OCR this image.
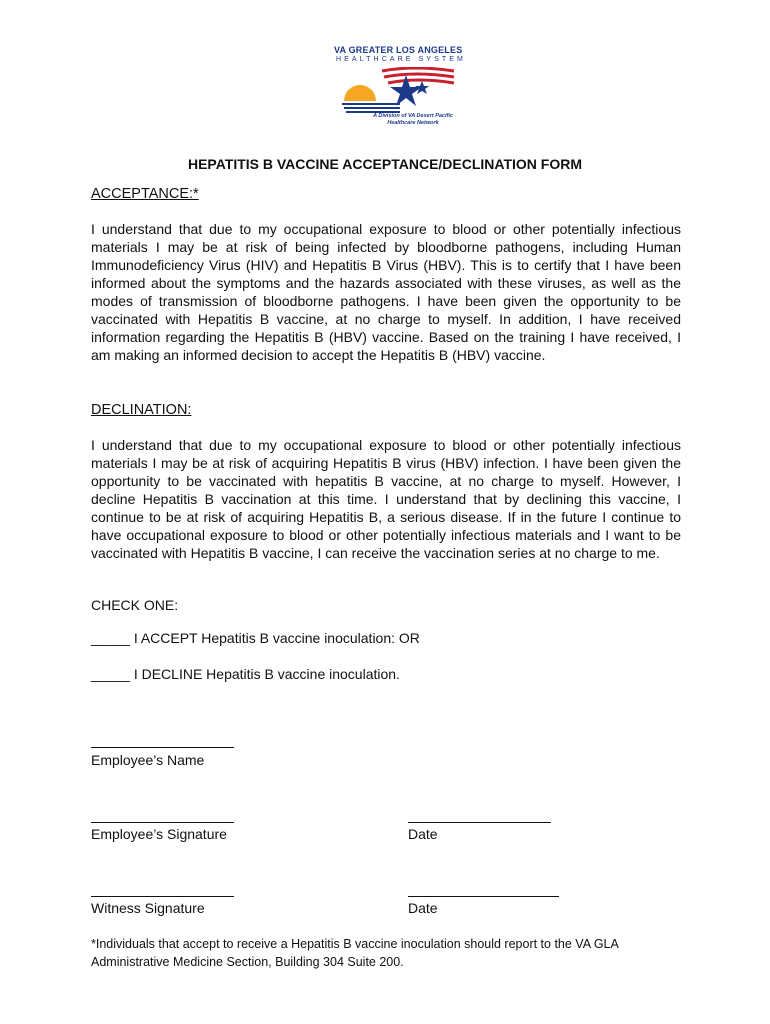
VA GREATER LOS ANGELES
HEALTHCARE SYSTEM
A Division of VA Desert Pacific Healthcare Network
HEPATITIS B VACCINE ACCEPTANCE/DECLINATION FORM
ACCEPTANCE:*

I understand that due to my occupational exposure to blood or other potentially infectious materials I may be at risk of being infected by bloodborne pathogens, including Human Immunodeficiency Virus (HIV) and Hepatitis B Virus (HBV). This is to certify that I have been informed about the symptoms and the hazards associated with these viruses, as well as the modes of transmission of bloodborne pathogens. I have been given the opportunity to be vaccinated with Hepatitis B vaccine, at no charge to myself. In addition, I have received information regarding the Hepatitis B (HBV) vaccine. Based on the training I have received, I am making an informed decision to accept the Hepatitis B (HBV) vaccine.

DECLINATION:

I understand that due to my occupational exposure to blood or other potentially infectious materials I may be at risk of acquiring Hepatitis B virus (HBV) infection. I have been given the opportunity to be vaccinated with hepatitis B vaccine, at no charge to myself. However, I decline Hepatitis B vaccination at this time. I understand that by declining this vaccine, I continue to be at risk of acquiring Hepatitis B, a serious disease. If in the future I continue to have occupational exposure to blood or other potentially infectious materials and I want to be vaccinated with Hepatitis B vaccine, I can receive the vaccination series at no charge to me.

CHECK ONE:
_____ I ACCEPT Hepatitis B vaccine inoculation: OR
_____ I DECLINE Hepatitis B vaccine inoculation.
Employee’s Name
Employee’s Signature	Date
Witness Signature	Date
*Individuals that accept to receive a Hepatitis B vaccine inoculation should report to the VA GLA Administrative Medicine Section, Building 304 Suite 200.
